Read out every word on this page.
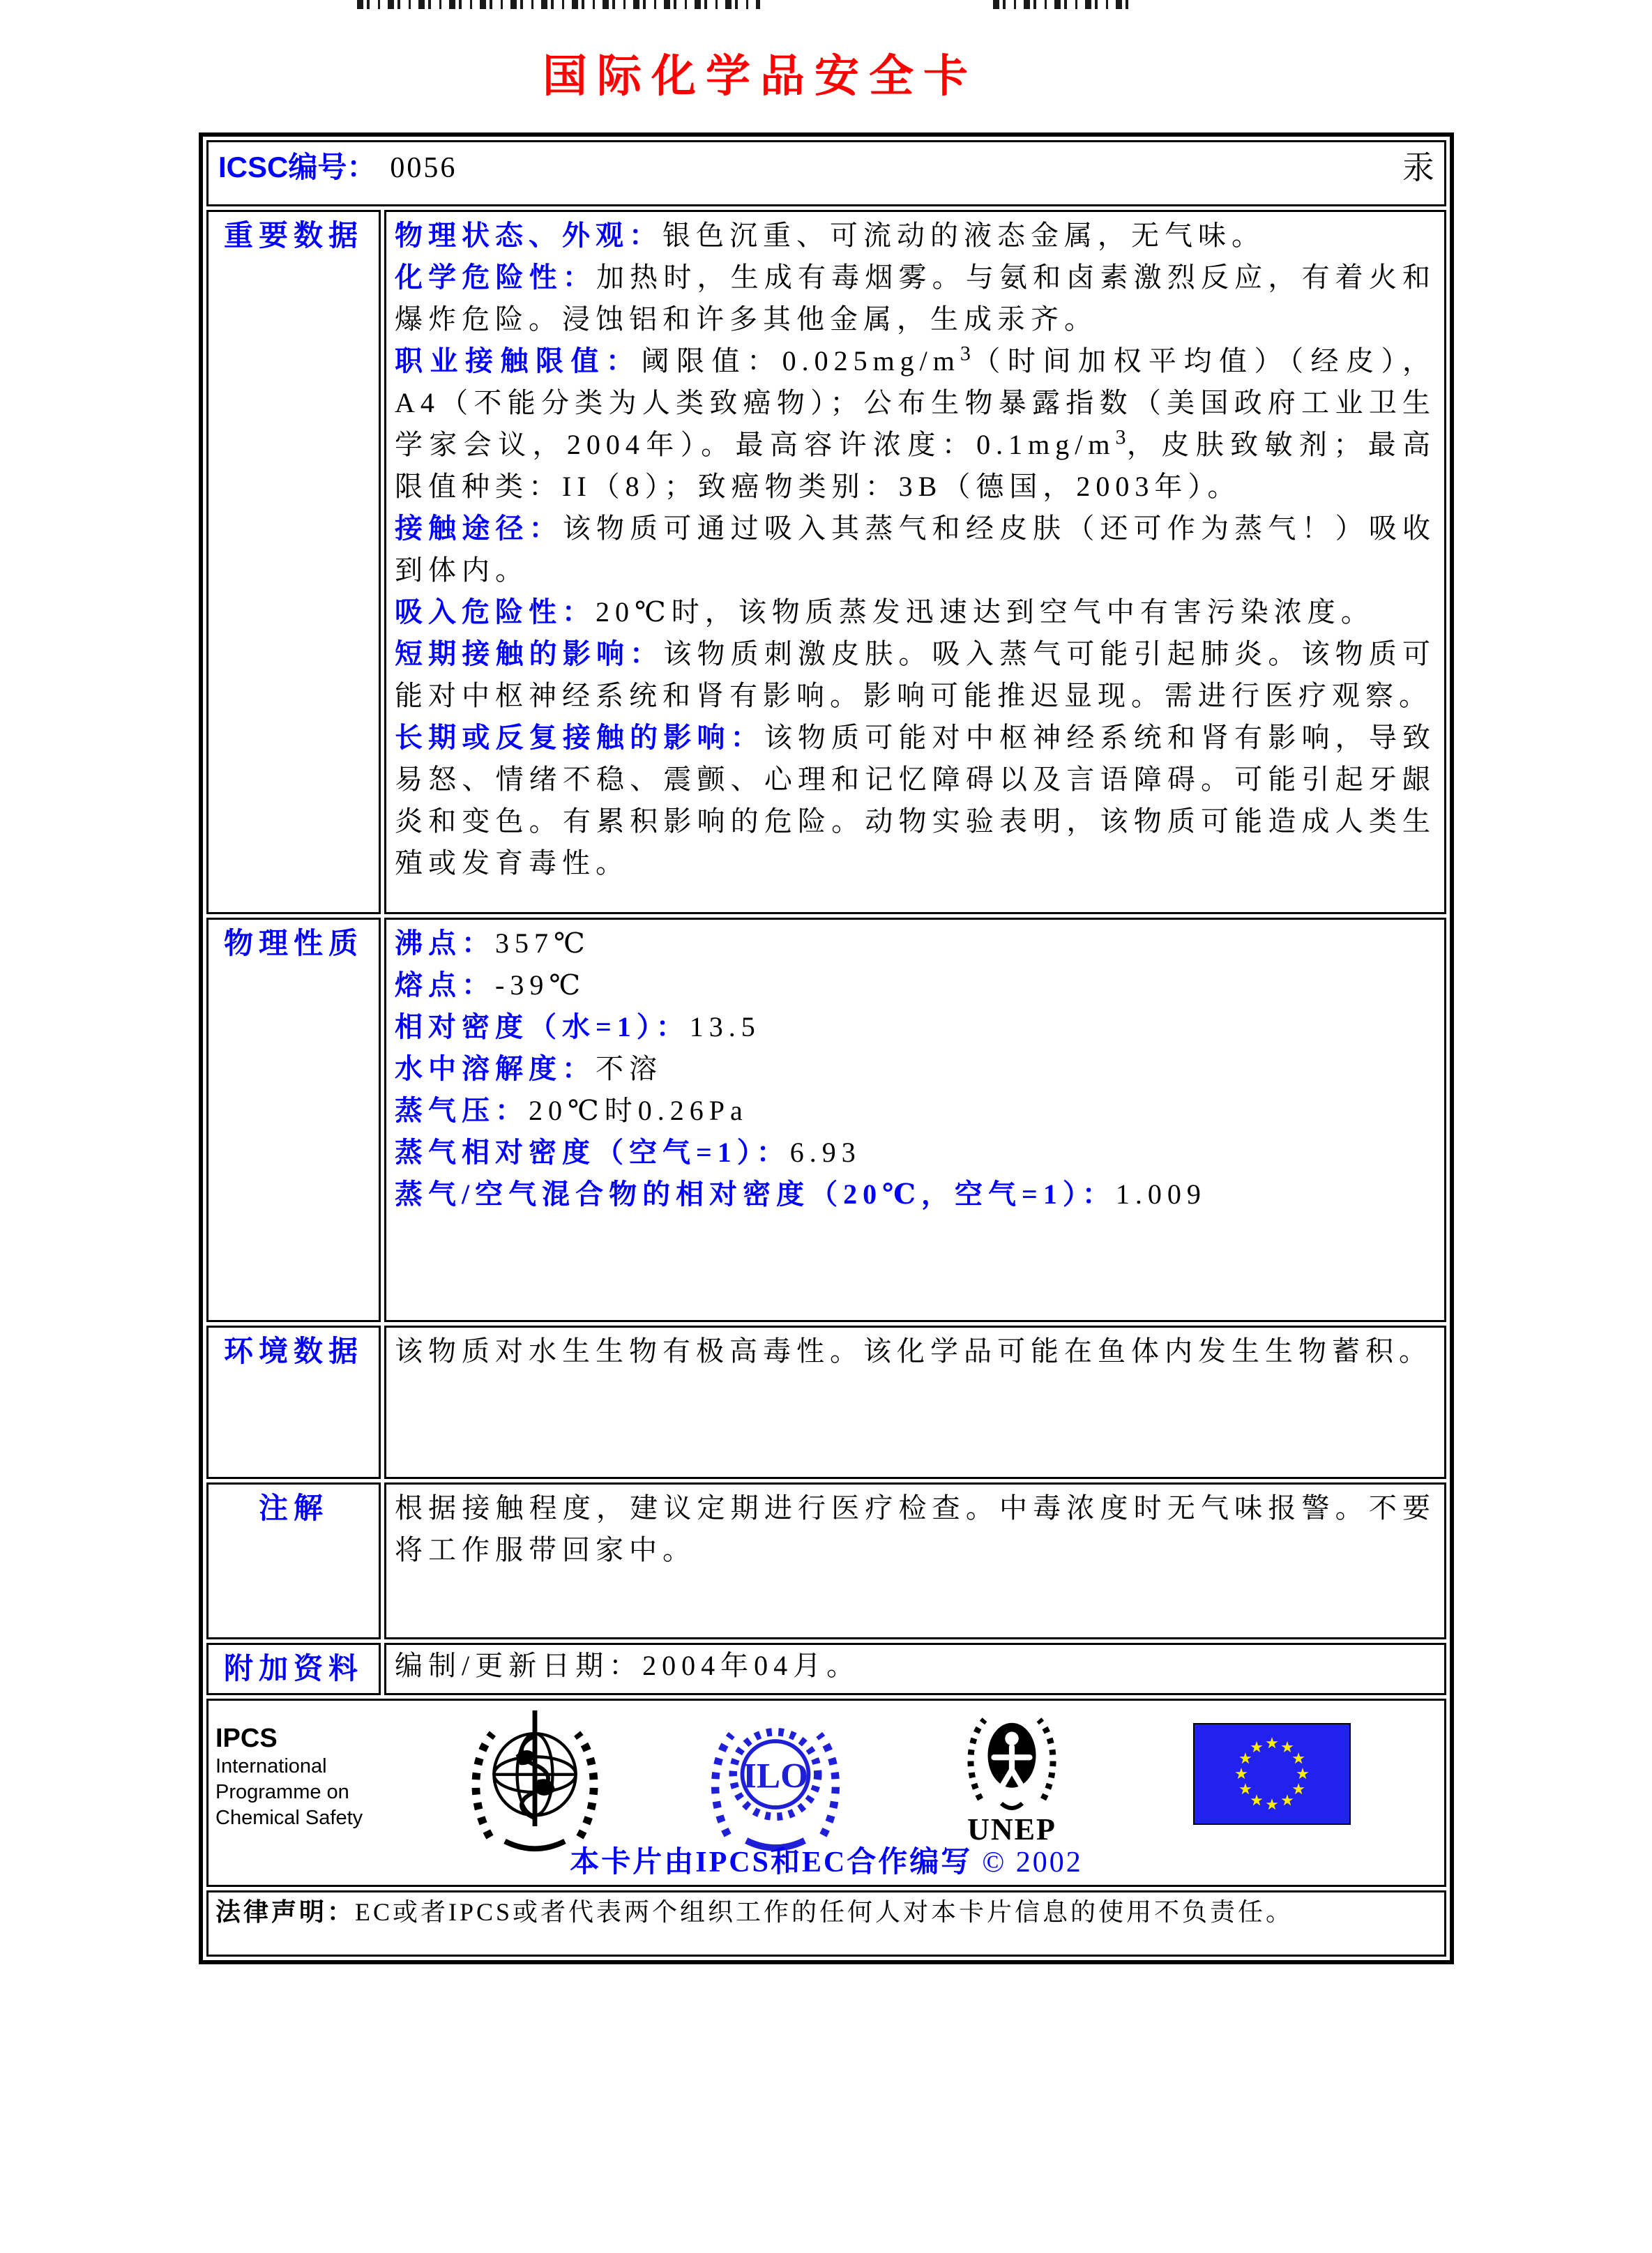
国际化学品安全卡
ICSC编号： 0056 汞	

重要数据	物理状态、外观：银色沉重、可流动的液态金属，无气味。
化学危险性：加热时，生成有毒烟雾。与氨和卤素激烈反应，有着火和爆炸危险。浸蚀铝和许多其他金属，生成汞齐。
职业接触限值：阈限值：$0.025mg/m^3$（时间加权平均值）（经皮），A4（不能分类为人类致癌物）；公布生物暴露指数（美国政府工业卫生学家会议，2004年）。最高容许浓度：$0.1mg/m^3$，皮肤致敏剂；最高限值种类：II（8）；致癌物类别：3B（德国，2003年）。
接触途径：该物质可通过吸入其蒸气和经皮肤（还可作为蒸气！）吸收到体内。
吸入危险性：20℃时，该物质蒸发迅速达到空气中有害污染浓度。
短期接触的影响：该物质刺激皮肤。吸入蒸气可能引起肺炎。该物质可能对中枢神经系统和肾有影响。影响可能推迟显现。需进行医疗观察。
长期或反复接触的影响：该物质可能对中枢神经系统和肾有影响，导致易怒、情绪不稳、震颤、心理和记忆障碍以及言语障碍。可能引起牙龈炎和变色。有累积影响的危险。动物实验表明，该物质可能造成人类生殖或发育毒性。

物理性质	沸点：357℃
熔点：-39℃
相对密度（水=1）：13.5
水中溶解度：不溶
蒸气压：20℃时0.26Pa
蒸气相对密度（空气=1）：6.93
蒸气/空气混合物的相对密度（20℃，空气=1）：1.009

环境数据	该物质对水生生物有极高毒性。该化学品可能在鱼体内发生生物蓄积。

注解	根据接触程度，建议定期进行医疗检查。中毒浓度时无气味报警。不要将工作服带回家中。

附加资料	编制/更新日期：2004年04月。

IPCS
International
Programme on
Chemical Safety
ILO
UNEP
本卡片由IPCS和EC合作编写 © 2002

法律声明：EC或者IPCS或者代表两个组织工作的任何人对本卡片信息的使用不负责任。	
